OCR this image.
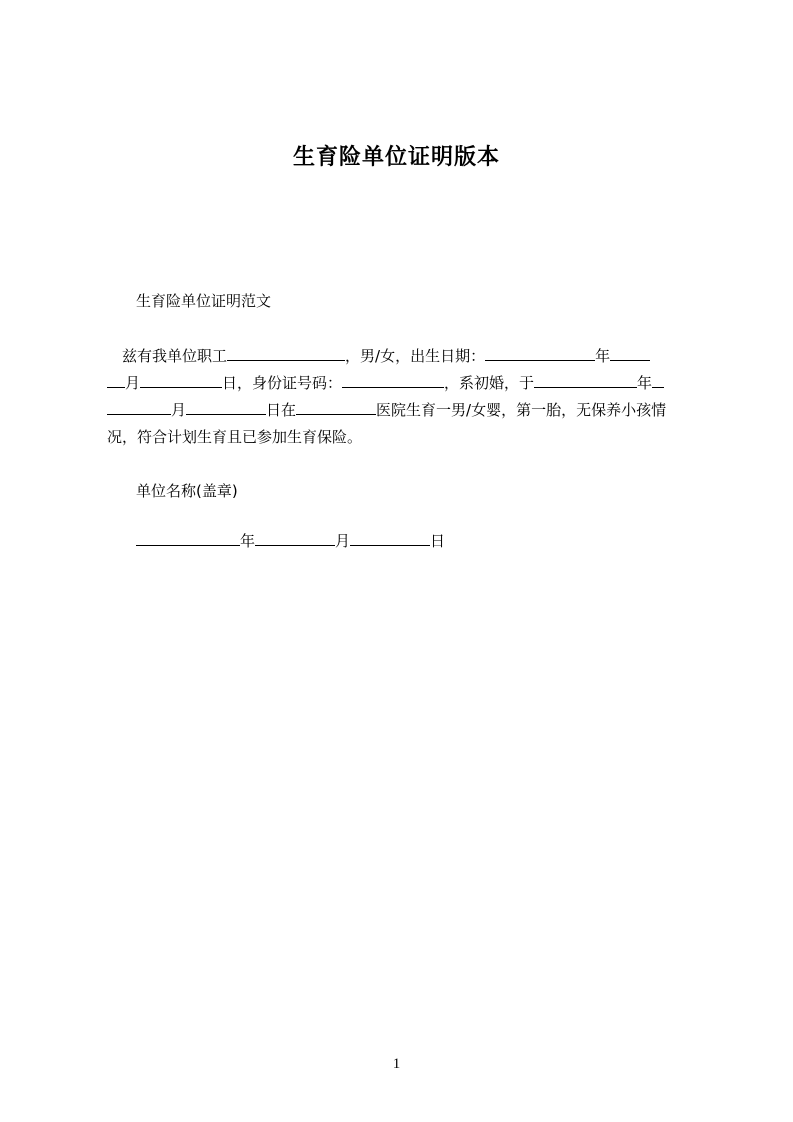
生育险单位证明版本
生育险单位证明范文
　兹有我单位职工	，男/女，出生日期：	年
月	日，身份证号码：	，系初婚，于	年
月	日在	医院生育一男/女婴，第一胎，无保养小孩情
况，符合计划生育且已参加生育保险。
单位名称(盖章)
年	月	日
1
